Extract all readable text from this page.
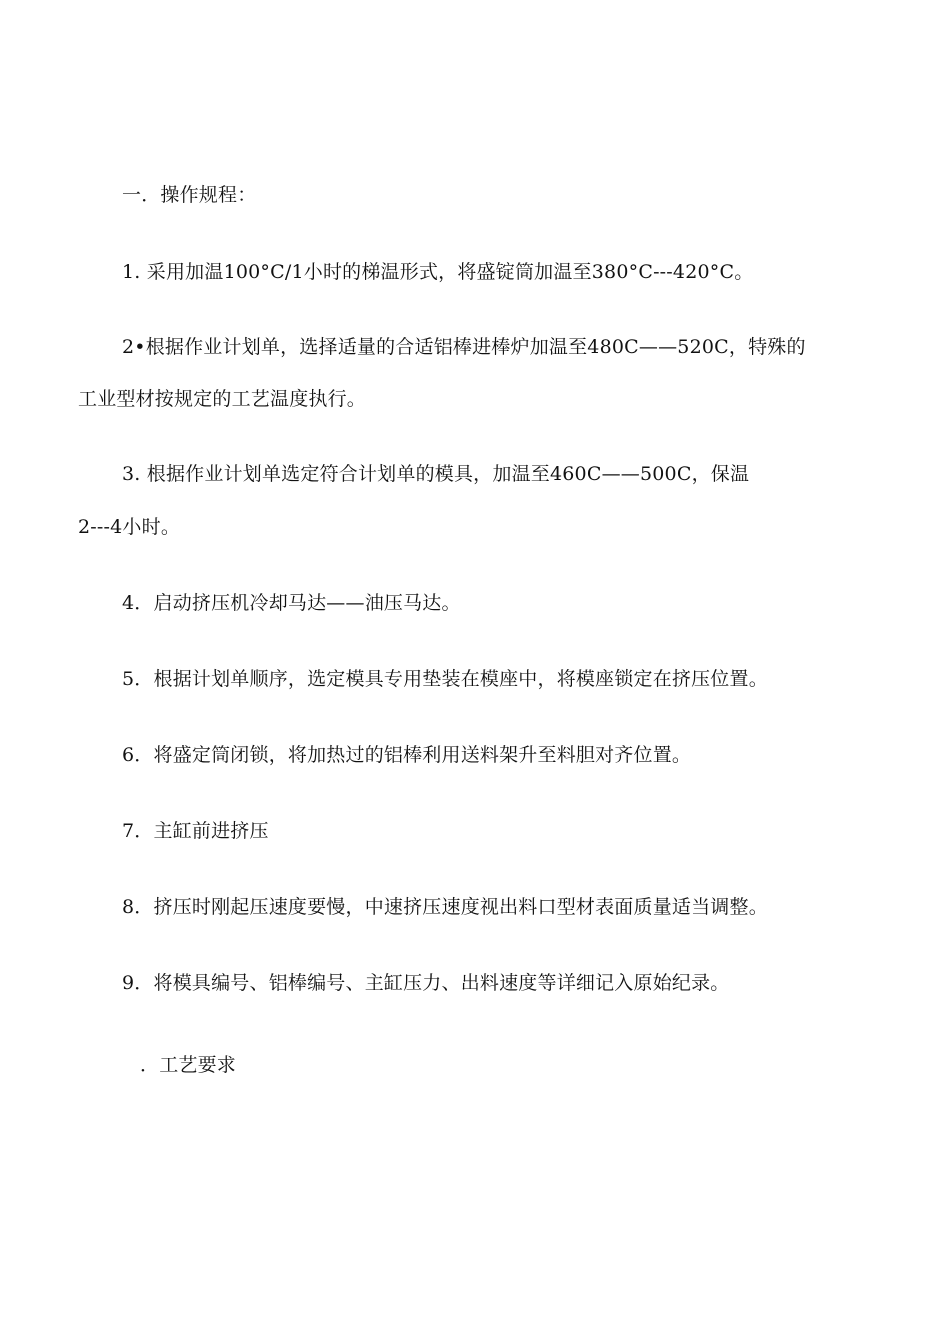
一．操作规程：
1. 采用加温100°C/1小时的梯温形式，将盛锭筒加温至380°C---420°C。
2•根据作业计划单，选择适量的合适铝棒进棒炉加温至480C——520C，特殊的
工业型材按规定的工艺温度执行。
3. 根据作业计划单选定符合计划单的模具，加温至460C——500C，保温
2---4小时。
4．启动挤压机冷却马达——油压马达。
5．根据计划单顺序，选定模具专用垫装在模座中，将模座锁定在挤压位置。
6．将盛定筒闭锁，将加热过的铝棒利用送料架升至料胆对齐位置。
7．主缸前进挤压
8．挤压时刚起压速度要慢，中速挤压速度视出料口型材表面质量适当调整。
9．将模具编号、铝棒编号、主缸压力、出料速度等详细记入原始纪录。
．工艺要求
